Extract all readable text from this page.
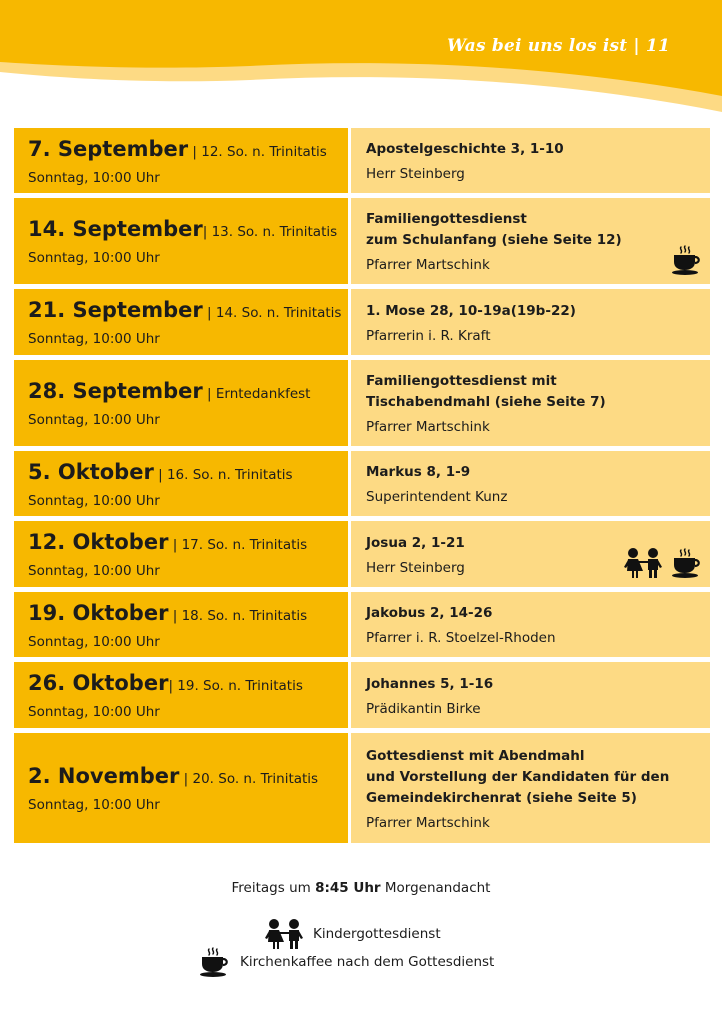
Was bei uns los ist | 11
7. September | 12. So. n. Trinitatis
Sonntag, 10:00 Uhr
Apostelgeschichte 3, 1-10
Herr Steinberg
14. September| 13. So. n. Trinitatis
Sonntag, 10:00 Uhr
Familiengottesdienst
zum Schulanfang (siehe Seite 12)
Pfarrer Martschink
21. September | 14. So. n. Trinitatis
Sonntag, 10:00 Uhr
1. Mose 28, 10-19a(19b-22)
Pfarrerin i. R. Kraft
28. September | Erntedankfest
Sonntag, 10:00 Uhr
Familiengottesdienst mit
Tischabendmahl (siehe Seite 7)
Pfarrer Martschink
5. Oktober | 16. So. n. Trinitatis
Sonntag, 10:00 Uhr
Markus 8, 1-9
Superintendent Kunz
12. Oktober | 17. So. n. Trinitatis
Sonntag, 10:00 Uhr
Josua 2, 1-21
Herr Steinberg
19. Oktober | 18. So. n. Trinitatis
Sonntag, 10:00 Uhr
Jakobus 2, 14-26
Pfarrer i. R. Stoelzel-Rhoden
26. Oktober| 19. So. n. Trinitatis
Sonntag, 10:00 Uhr
Johannes 5, 1-16
Prädikantin Birke
2. November | 20. So. n. Trinitatis
Sonntag, 10:00 Uhr
Gottesdienst mit Abendmahl
und Vorstellung der Kandidaten für den
Gemeindekirchenrat (siehe Seite 5)
Pfarrer Martschink
Freitags um 8:45 Uhr Morgenandacht
Kindergottesdienst
Kirchenkaffee nach dem Gottesdienst
